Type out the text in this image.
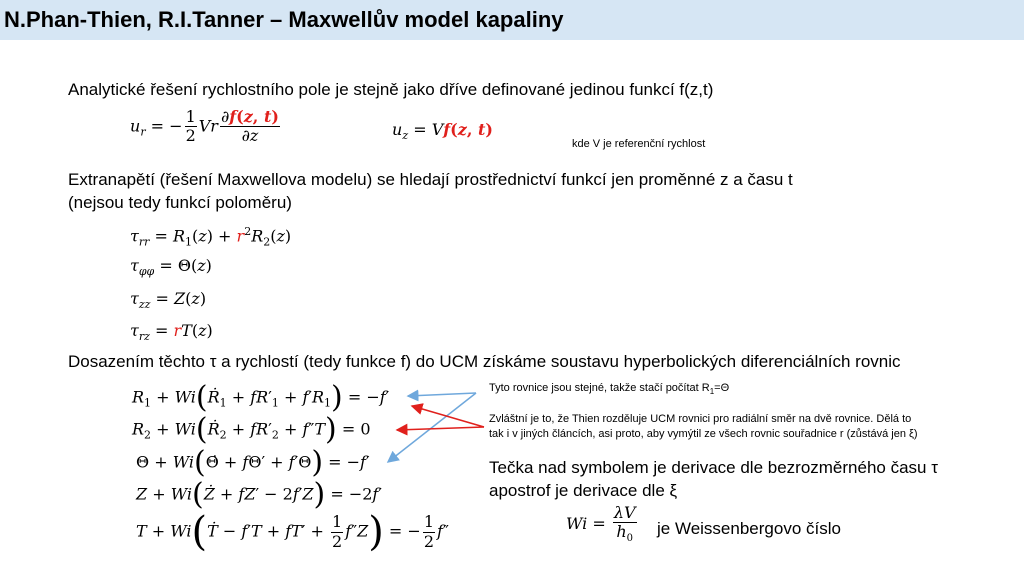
N.Phan-Thien, R.I.Tanner – Maxwellův model kapaliny
Analytické řešení rychlostního pole je stejně jako dříve definované jedinou funkcí f(z,t)
$u_r$ = − $\frac{1}{2}$ Vr $\frac{\partial f(z, t)}{\partial z}$	$u_z = Vf(z$, t)
kde V je referenční rychlost
Extranapětí (řešení Maxwellova modelu) se hledají prostřednictví funkcí jen proměnné z a času t
(nejsou tedy funkcí poloměru)
$\tau_{rr} = R_1(z) + r^2R_2(z)$
$\tau_{\varphi\varphi} = \Theta(z)$
$\tau_{zz} = Z(z)$
$\tau_{rz} = rT(z)$
Dosazením těchto τ a rychlostí (tedy funkce f) do UCM získáme soustavu hyperbolických diferenciálních rovnic
$R_1$ + Wi(Ṙ$_1$ + $fR'_1 + f'R_1) = -f'$
$R_2$ + Wi(Ṙ$_2$ + $fR'_2 + f''T) = 0$
Θ + Wi(Θ̇ + fΘ′ + f′Θ) = −f′
Z + Wi(Ż + fZ′ − 2f′Z) = −2f′
T + Wi(Ṫ − $f'T + fT' + \frac{1}{2} f''Z$) = − $\frac{1}{2} f''$
Tyto rovnice jsou stejné, takže stačí počítat $R_1=\Theta$
Zvláštní je to, že Thien rozděluje UCM rovnici pro radiální směr na dvě rovnice. Dělá to
tak i v jiných článcích, asi proto, aby vymýtil ze všech rovnic souřadnice r (zůstává jen ξ)
Tečka nad symbolem je derivace dle bezrozměrného času τ
apostrof je derivace dle ξ
$Wi = \frac{\lambda V}{h_0}$ je Weissenbergovo číslo
